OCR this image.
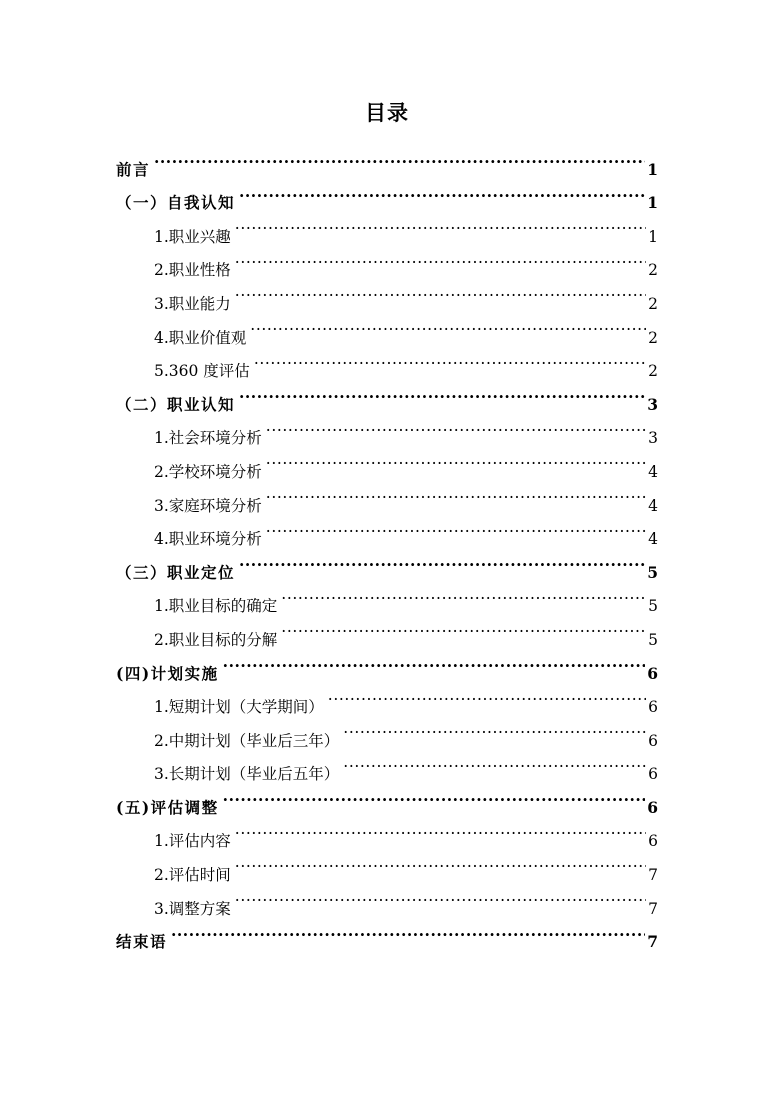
目录
前言 .....	1
（一）自我认知 .....	1
1.职业兴趣 .....	1
2.职业性格 .....	2
3.职业能力 .....	2
4.职业价值观 .....	2
5.360 度评估 .....	2
（二）职业认知 .....	3
1.社会环境分析 .....	3
2.学校环境分析 .....	4
3.家庭环境分析 .....	4
4.职业环境分析 .....	4
（三）职业定位 .....	5
1.职业目标的确定 .....	5
2.职业目标的分解 .....	5
(四)计划实施 .....	6
1.短期计划（大学期间） .....	6
2.中期计划（毕业后三年） .....	6
3.长期计划（毕业后五年） .....	6
(五)评估调整 .....	6
1.评估内容 .....	6
2.评估时间 .....	7
3.调整方案 .....	7
结束语 .....	7
